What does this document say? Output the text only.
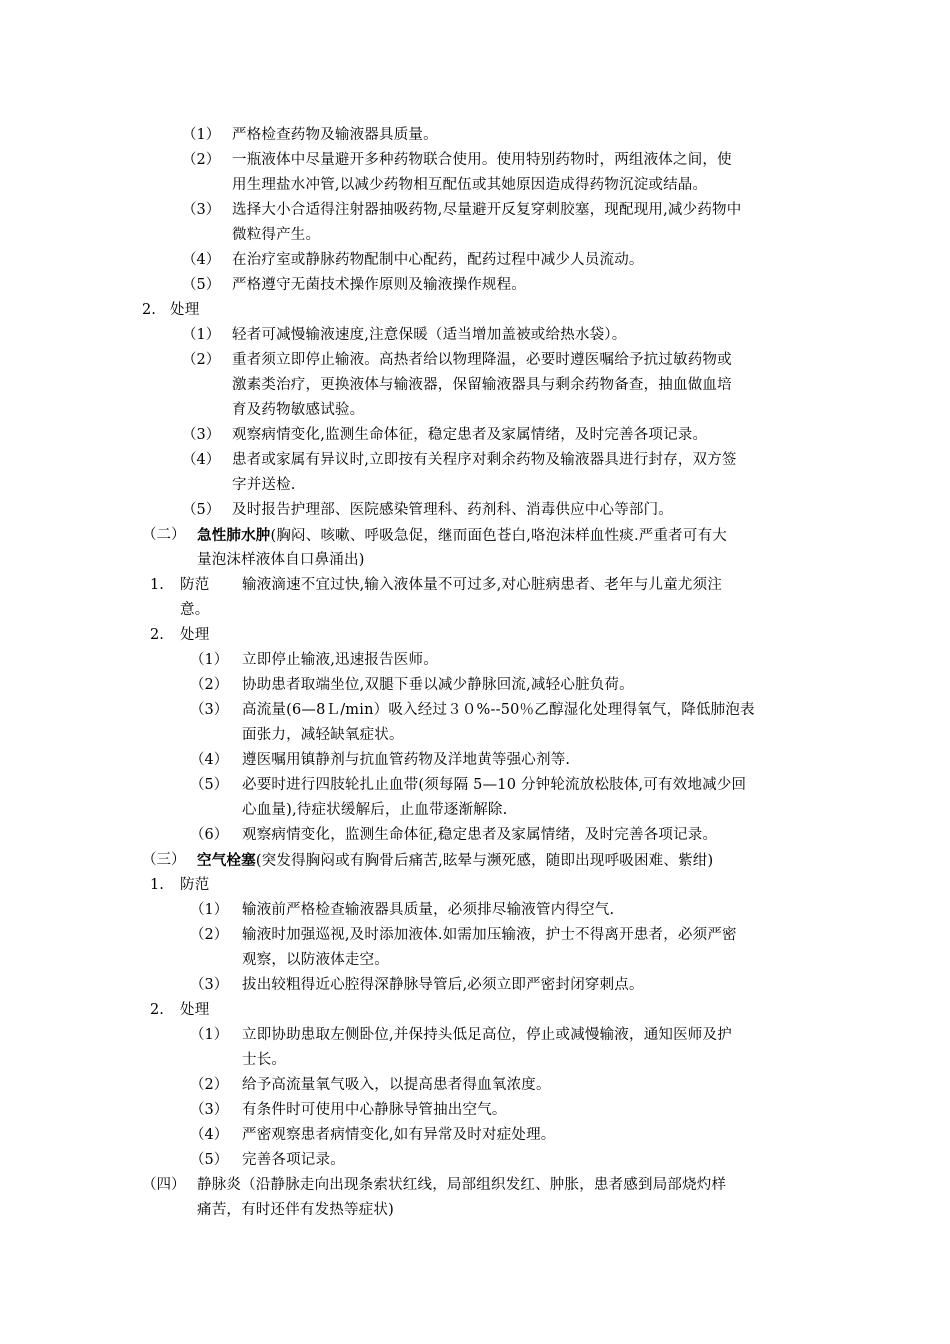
（1） 严格检查药物及输液器具质量。
（2） 一瓶液体中尽量避开多种药物联合使用。使用特别药物时，两组液体之间，使
用生理盐水冲管,以减少药物相互配伍或其她原因造成得药物沉淀或结晶。
（3） 选择大小合适得注射器抽吸药物,尽量避开反复穿刺胶塞，现配现用,减少药物中
微粒得产生。
（4） 在治疗室或静脉药物配制中心配药，配药过程中减少人员流动。
（5） 严格遵守无菌技术操作原则及输液操作规程。
2. 处理
（1） 轻者可减慢输液速度,注意保暖（适当增加盖被或给热水袋）。
（2） 重者须立即停止输液。高热者给以物理降温，必要时遵医嘱给予抗过敏药物或
激素类治疗，更换液体与输液器，保留输液器具与剩余药物备查，抽血做血培
育及药物敏感试验。
（3） 观察病情变化,监测生命体征，稳定患者及家属情绪，及时完善各项记录。
（4） 患者或家属有异议时,立即按有关程序对剩余药物及输液器具进行封存，双方签
字并送检.
（5） 及时报告护理部、医院感染管理科、药剂科、消毒供应中心等部门。
（二） 急性肺水肿(胸闷、咳嗽、呼吸急促，继而面色苍白,咯泡沫样血性痰.严重者可有大
量泡沫样液体自口鼻涌出)
1. 防范 输液滴速不宜过快,输入液体量不可过多,对心脏病患者、老年与儿童尤须注
意。
2. 处理
（1） 立即停止输液,迅速报告医师。
（2） 协助患者取端坐位,双腿下垂以减少静脉回流,减轻心脏负荷。
（3） 高流量(6—8Ｌ/min）吸入经过３０%--50％乙醇湿化处理得氧气，降低肺泡表
面张力，减轻缺氧症状。
（4） 遵医嘱用镇静剂与抗血管药物及洋地黄等强心剂等.
（5） 必要时进行四肢轮扎止血带(须每隔 5—10 分钟轮流放松肢体,可有效地减少回
心血量),待症状缓解后，止血带逐渐解除.
（6） 观察病情变化，监测生命体征,稳定患者及家属情绪，及时完善各项记录。
（三） 空气栓塞(突发得胸闷或有胸骨后痛苦,眩晕与濒死感，随即出现呼吸困难、紫绀)
1. 防范
（1） 输液前严格检查输液器具质量，必须排尽输液管内得空气.
（2） 输液时加强巡视,及时添加液体.如需加压输液，护士不得离开患者，必须严密
观察，以防液体走空。
（3） 拔出较粗得近心腔得深静脉导管后,必须立即严密封闭穿刺点。
2. 处理
（1） 立即协助患取左侧卧位,并保持头低足高位，停止或减慢输液，通知医师及护
士长。
（2） 给予高流量氧气吸入，以提高患者得血氧浓度。
（3） 有条件时可使用中心静脉导管抽出空气。
（4） 严密观察患者病情变化,如有异常及时对症处理。
（5） 完善各项记录。
（四） 静脉炎（沿静脉走向出现条索状红线，局部组织发红、肿胀，患者感到局部烧灼样
痛苦，有时还伴有发热等症状)
